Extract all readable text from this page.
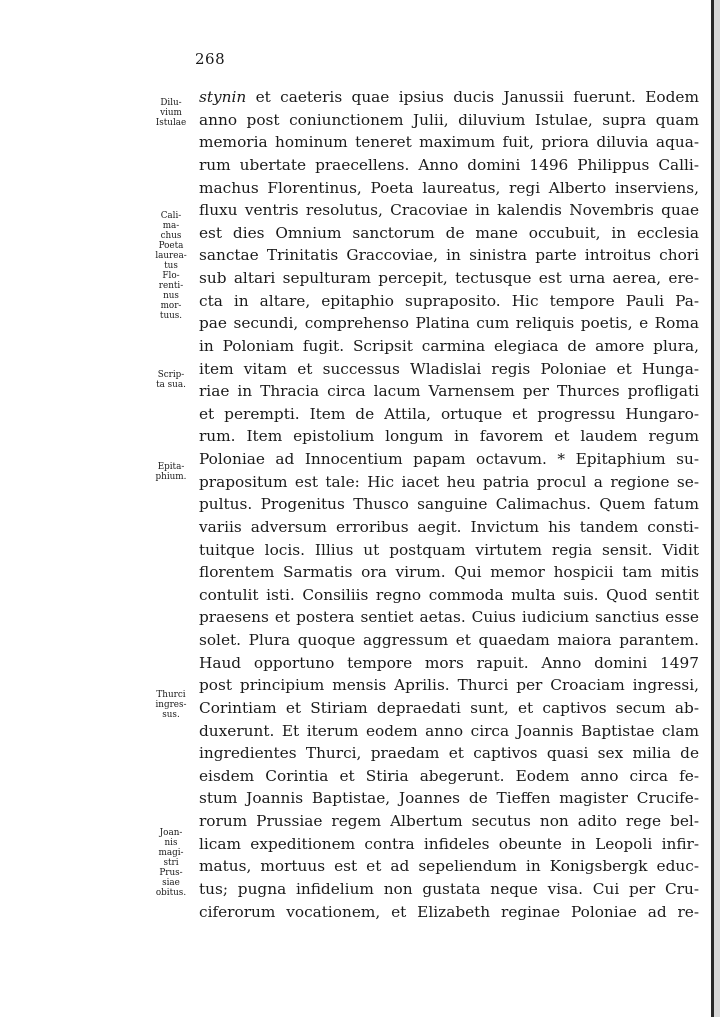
268
Dilu-
vium
Istulae
Cali-
ma-
chus
Poeta
laurea-
tus
Flo-
renti-
nus
mor-
tuus.
Scrip-
ta sua.
Epita-
phium.
Thurci
ingres-
sus.
Joan-
nis
magi-
stri
Prus-
siae
obitus.
stynin et caeteris quae ipsius ducis Janussii fuerunt. Eodem
anno post coniunctionem Julii, diluvium Istulae, supra quam
memoria hominum teneret maximum fuit, priora diluvia aqua-
rum ubertate praecellens. Anno domini 1496 Philippus Calli-
machus Florentinus, Poeta laureatus, regi Alberto inserviens,
fluxu ventris resolutus, Cracoviae in kalendis Novembris quae
est dies Omnium sanctorum de mane occubuit, in ecclesia
sanctae Trinitatis Graccoviae, in sinistra parte introitus chori
sub altari sepulturam percepit, tectusque est urna aerea, ere-
cta in altare, epitaphio supraposito. Hic tempore Pauli Pa-
pae secundi, comprehenso Platina cum reliquis poetis, e Roma
in Poloniam fugit. Scripsit carmina elegiaca de amore plura,
item vitam et successus Wladislai regis Poloniae et Hunga-
riae in Thracia circa lacum Varnensem per Thurces profligati
et perempti. Item de Attila, ortuque et progressu Hungaro-
rum. Item epistolium longum in favorem et laudem regum
Poloniae ad Innocentium papam octavum. * Epitaphium su-
prapositum est tale: Hic iacet heu patria procul a regione se-
pultus. Progenitus Thusco sanguine Calimachus. Quem fatum
variis adversum erroribus aegit. Invictum his tandem consti-
tuitque locis. Illius ut postquam virtutem regia sensit. Vidit
florentem Sarmatis ora virum. Qui memor hospicii tam mitis
contulit isti. Consiliis regno commoda multa suis. Quod sentit
praesens et postera sentiet aetas. Cuius iudicium sanctius esse
solet. Plura quoque aggressum et quaedam maiora parantem.
Haud opportuno tempore mors rapuit. Anno domini 1497
post principium mensis Aprilis. Thurci per Croaciam ingressi,
Corintiam et Stiriam depraedati sunt, et captivos secum ab-
duxerunt. Et iterum eodem anno circa Joannis Baptistae clam
ingredientes Thurci, praedam et captivos quasi sex milia de
eisdem Corintia et Stiria abegerunt. Eodem anno circa fe-
stum Joannis Baptistae, Joannes de Tieffen magister Crucife-
rorum Prussiae regem Albertum secutus non adito rege bel-
licam expeditionem contra infideles obeunte in Leopoli infir-
matus, mortuus est et ad sepeliendum in Konigsbergk educ-
tus; pugna infidelium non gustata neque visa. Cui per Cru-
ciferorum vocationem, et Elizabeth reginae Poloniae ad re-
